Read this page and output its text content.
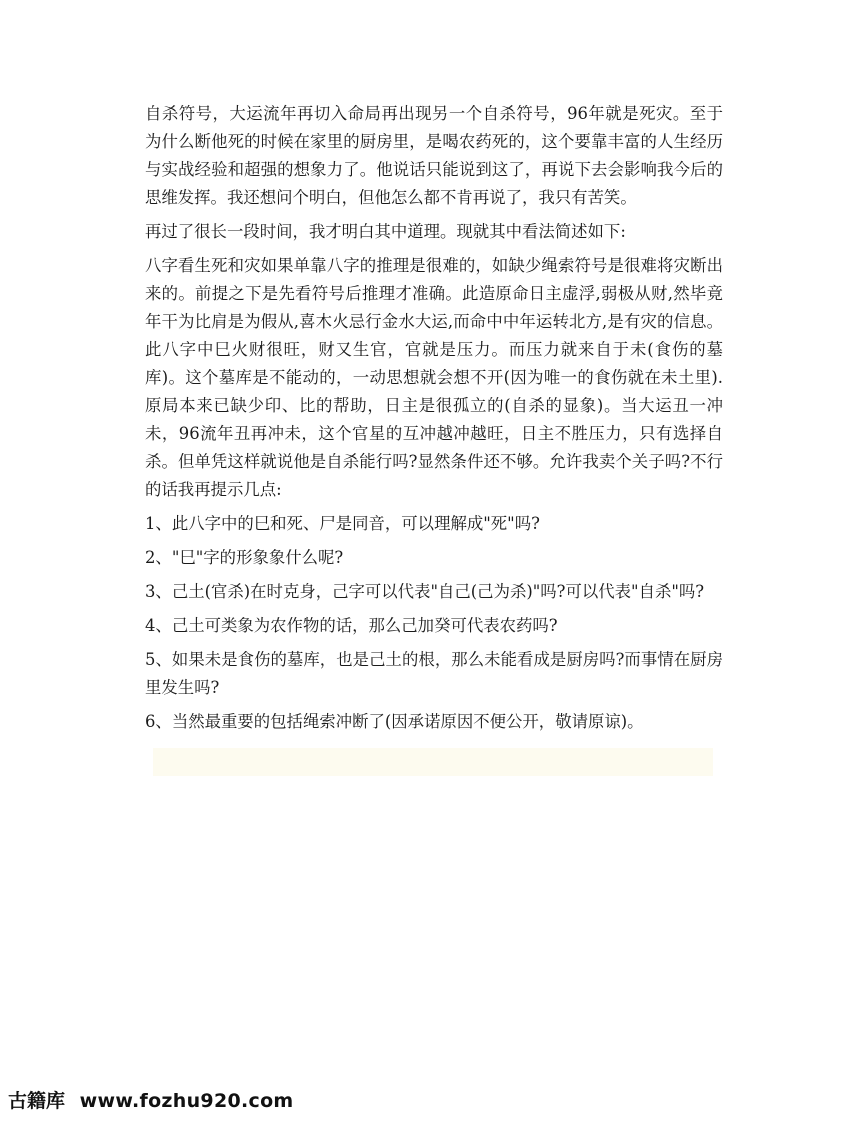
自杀符号，大运流年再切入命局再出现另一个自杀符号，96年就是死灾。至于为什么断他死的时候在家里的厨房里，是喝农药死的，这个要靠丰富的人生经历与实战经验和超强的想象力了。他说话只能说到这了，再说下去会影响我今后的思维发挥。我还想问个明白，但他怎么都不肯再说了，我只有苦笑。

再过了很长一段时间，我才明白其中道理。现就其中看法简述如下:

八字看生死和灾如果单靠八字的推理是很难的，如缺少绳索符号是很难将灾断出来的。前提之下是先看符号后推理才准确。此造原命日主虚浮,弱极从财,然毕竟年干为比肩是为假从,喜木火忌行金水大运,而命中中年运转北方,是有灾的信息。此八字中巳火财很旺，财又生官，官就是压力。而压力就来自于未(食伤的墓库)。这个墓库是不能动的，一动思想就会想不开(因为唯一的食伤就在未土里).原局本来已缺少印、比的帮助，日主是很孤立的(自杀的显象)。当大运丑一冲未，96流年丑再冲未，这个官星的互冲越冲越旺，日主不胜压力，只有选择自杀。但单凭这样就说他是自杀能行吗?显然条件还不够。允许我卖个关子吗?不行的话我再提示几点:

1、此八字中的巳和死、尸是同音，可以理解成"死"吗?

2、"巳"字的形象象什么呢?

3、己土(官杀)在时克身，己字可以代表"自己(己为杀)"吗?可以代表"自杀"吗?

4、己土可类象为农作物的话，那么己加癸可代表农药吗?

5、如果未是食伤的墓库，也是己土的根，那么未能看成是厨房吗?而事情在厨房里发生吗?

6、当然最重要的包括绳索冲断了(因承诺原因不便公开，敬请原谅)。

古籍库 www.fozhu920.com
